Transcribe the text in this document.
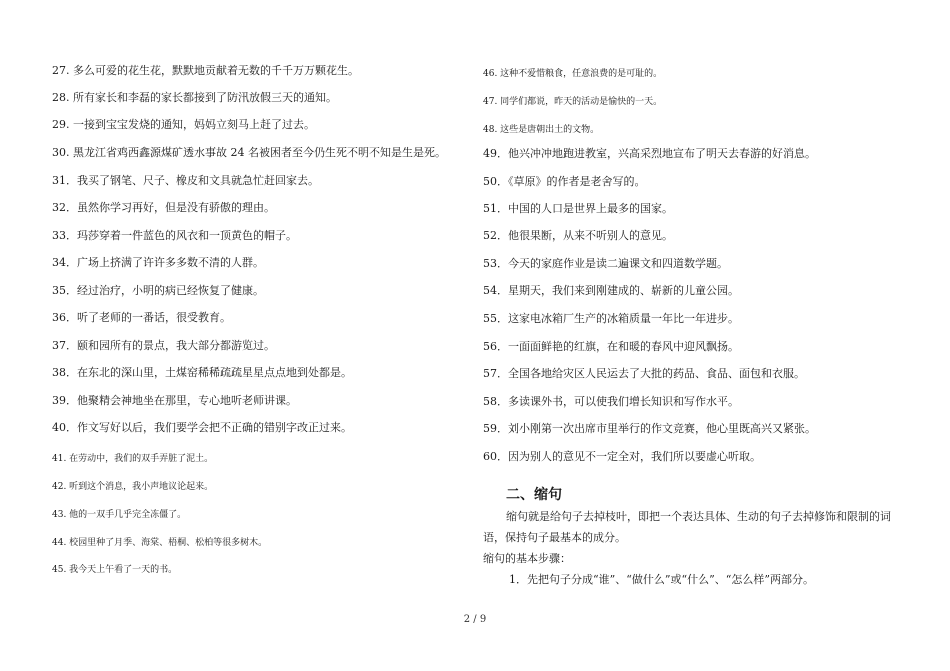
27. 多么可爱的花生花，默默地贡献着无数的千千万万颗花生。
28. 所有家长和李磊的家长都接到了防汛放假三天的通知。
29. 一接到宝宝发烧的通知，妈妈立刻马上赶了过去。
30. 黑龙江省鸡西鑫源煤矿透水事故 24 名被困者至今仍生死不明不知是生是死。
31．我买了钢笔、尺子、橡皮和文具就急忙赶回家去。
32．虽然你学习再好，但是没有骄傲的理由。
33．玛莎穿着一件蓝色的风衣和一顶黄色的帽子。
34．广场上挤满了许许多多数不清的人群。
35．经过治疗，小明的病已经恢复了健康。
36．听了老师的一番话，很受教育。
37．颐和园所有的景点，我大部分都游览过。
38．在东北的深山里，土煤窑稀稀疏疏星星点点地到处都是。
39．他聚精会神地坐在那里，专心地听老师讲课。
40．作文写好以后，我们要学会把不正确的错别字改正过来。
41. 在劳动中，我们的双手弄脏了泥土。
42. 听到这个消息，我小声地议论起来。
43. 他的一双手几乎完全冻僵了。
44. 校园里种了月季、海棠、梧桐、松柏等很多树木。
45. 我今天上午看了一天的书。
46. 这种不爱惜粮食，任意浪费的是可耻的。
47. 同学们都说，昨天的活动是愉快的一天。
48. 这些是唐朝出土的文物。
49．他兴冲冲地跑进教室，兴高采烈地宣布了明天去春游的好消息。
50．《草原》的作者是老舍写的。
51．中国的人口是世界上最多的国家。
52．他很果断，从来不听别人的意见。
53．今天的家庭作业是读二遍课文和四道数学题。
54．星期天，我们来到刚建成的、崭新的儿童公园。
55．这家电冰箱厂生产的冰箱质量一年比一年进步。
56．一面面鲜艳的红旗，在和暖的春风中迎风飘扬。
57．全国各地给灾区人民运去了大批的药品、食品、面包和衣服。
58．多读课外书，可以使我们增长知识和写作水平。
59．刘小刚第一次出席市里举行的作文竞赛，他心里既高兴又紧张。
60．因为别人的意见不一定全对，我们所以要虚心听取。
二、缩句
缩句就是给句子去掉枝叶，即把一个表达具体、生动的句子去掉修饰和限制的词
语，保持句子最基本的成分。
缩句的基本步骤：
1．先把句子分成“谁”、“做什么”或“什么”、“怎么样”两部分。
2 / 9
